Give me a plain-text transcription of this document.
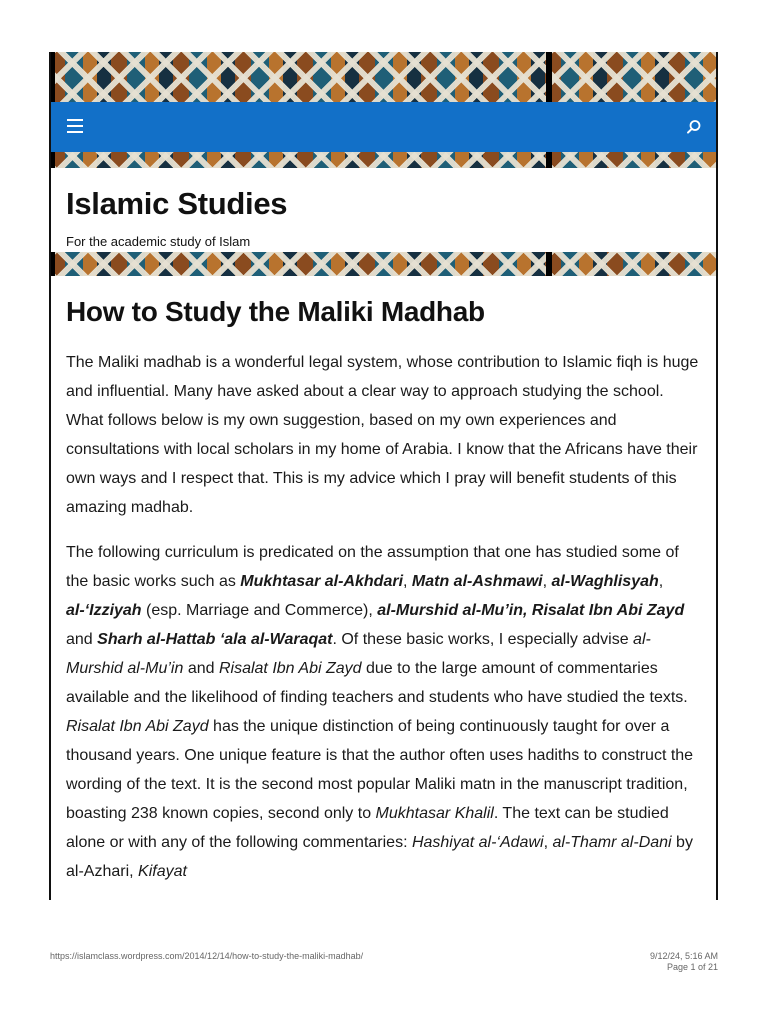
Islamic Studies

For the academic study of Islam

How to Study the Maliki Madhab

The Maliki madhab is a wonderful legal system, whose contribution to Islamic fiqh is huge and influential. Many have asked about a clear way to approach studying the school. What follows below is my own suggestion, based on my own experiences and consultations with local scholars in my home of Arabia. I know that the Africans have their own ways and I respect that. This is my advice which I pray will benefit students of this amazing madhab.

The following curriculum is predicated on the assumption that one has studied some of the basic works such as Mukhtasar al-Akhdari, Matn al-Ashmawi, al-Waghlisyah, al-‘Izziyah (esp. Marriage and Commerce), al-Murshid al-Mu’in, Risalat Ibn Abi Zayd and Sharh al-Hattab ‘ala al-Waraqat. Of these basic works, I especially advise al-Murshid al-Mu’in and Risalat Ibn Abi Zayd due to the large amount of commentaries available and the likelihood of finding teachers and students who have studied the texts. Risalat Ibn Abi Zayd has the unique distinction of being continuously taught for over a thousand years. One unique feature is that the author often uses hadiths to construct the wording of the text. It is the second most popular Maliki matn in the manuscript tradition, boasting 238 known copies, second only to Mukhtasar Khalil. The text can be studied alone or with any of the following commentaries: Hashiyat al-‘Adawi, al-Thamr al-Dani by al-Azhari, Kifayat

https://islamclass.wordpress.com/2014/12/14/how-to-study-the-maliki-madhab/	9/12/24, 5:16 AM
Page 1 of 21
